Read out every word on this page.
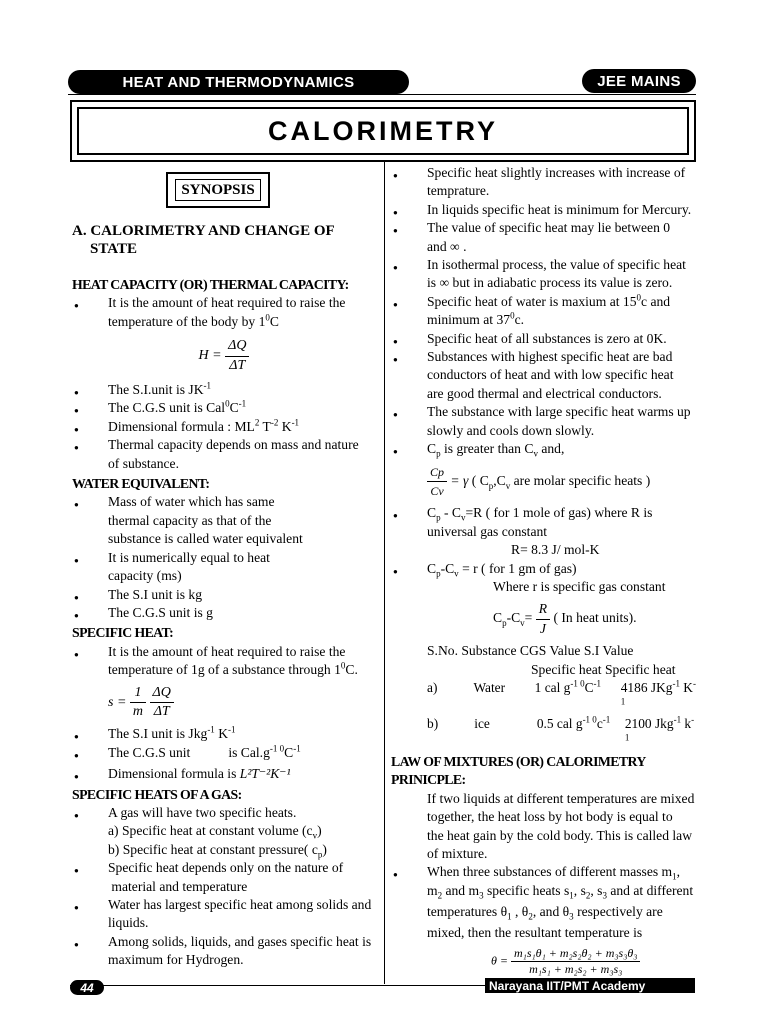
HEAT AND THERMODYNAMICS	JEE MAINS
CALORIMETRY
SYNOPSIS
A. CALORIMETRY AND CHANGE OF
STATE
HEAT CAPACITY (OR) THERMAL CAPACITY:
● It is the amount of heat required to raise the
temperature of the body by $1^0C$
$H = \frac{\Delta Q}{\Delta T}$
● The S.I.unit is $JK^{-1}$
● The C.G.S unit is $Cal^0C^{-1}$
● Dimensional formula : $ML^2$ $T^{-2}$ $K^{-1}$
● Thermal capacity depends on mass and nature
of substance.
WATER EQUIVALENT:
● Mass of water which has same
thermal capacity as that of the
substance is called water equivalent
● It is numerically equal to heat
capacity (ms)
● The S.I unit is kg
● The C.G.S unit is g
SPECIFIC HEAT:
● It is the amount of heat required to raise the
temperature of 1g of a substance through $1^0C$.
$s = \frac{1}{m}$
$\frac{\Delta Q}{\Delta T}$
● The S.I unit is Jkg$^{-1}$ $K^{-1}$
● The C.G.S unit	is $Cal.g^{-1 0}C^{-1}$
● Dimensional formula is L²T⁻²K⁻¹
SPECIFIC HEATS OF A GAS:
● A gas will have two specific heats.
a) Specific heat at constant volume $(c_v)$
b) Specific heat at constant pressure( $c_p$)
● Specific heat depends only on the nature of
material and temperature
● Water has largest specific heat among solids and
liquids.
● Among solids, liquids, and gases specific heat is
maximum for Hydrogen.
● Specific heat slightly increases with increase of
temprature.
● In liquids specific heat is minimum for Mercury.
● The value of specific heat may lie between 0
and ∞ .
● In isothermal process, the value of specific heat
is ∞ but in adiabatic process its value is zero.
● Specific heat of water is maxium at $15^0c$ and
minimum at $37^0c$.
● Specific heat of all substances is zero at 0K.
● Substances with highest specific heat are bad
conductors of heat and with low specific heat
are good thermal and electrical conductors.
● The substance with large specific heat warms up
slowly and cools down slowly.
● $C_p$ is greater than $C_v$ and,
$\frac{Cp}{Cv} = \gamma$ ( $C_p,C_v$ are molar specific heats )
● $C_p - C_v=R$ ( for 1 mole of gas) where R is
universal gas constant
R= 8.3 J/ mol-K
● $C_p-C_v = r$ ( for 1 gm of gas)
Where r is specific gas constant
$C_p-C_v= \frac{R}{J}$ ( In heat units).
S.No. Substance CGS Value S.I Value
Specific heat Specific heat
a)	Water	1 cal $g^{-1 0}C^{-1}$	4186 JKg$^{-1}$ $K^{-1}$
b)	ice	0.5 cal $g^{-1 0}c^{-1}$	2100 Jkg$^{-1}$ $k^{-1}$
LAW OF MIXTURES (OR) CALORIMETRY
PRINICPLE:
If two liquids at different temperatures are mixed
together, the heat loss by hot body is equal to
the heat gain by the cold body. This is called law
of mixture.
● When three substances of different masses $m_1$,
$m_2$ and $m_3$ specific heats $s_1$, $s_2$, $s_3$ and at different
temperatures $\theta_1$ , $\theta_2$, and $\theta_3$ respectively are
mixed, then the resultant temperature is
$\theta = \frac{\text{m₁s₁θ₁ + m₂s₂θ₂ + m₃s₃θ₃}}{\text{m₁s₁ + m₂s₂ + m₃s₃}}$
44	Narayana IIT/PMT Academy
